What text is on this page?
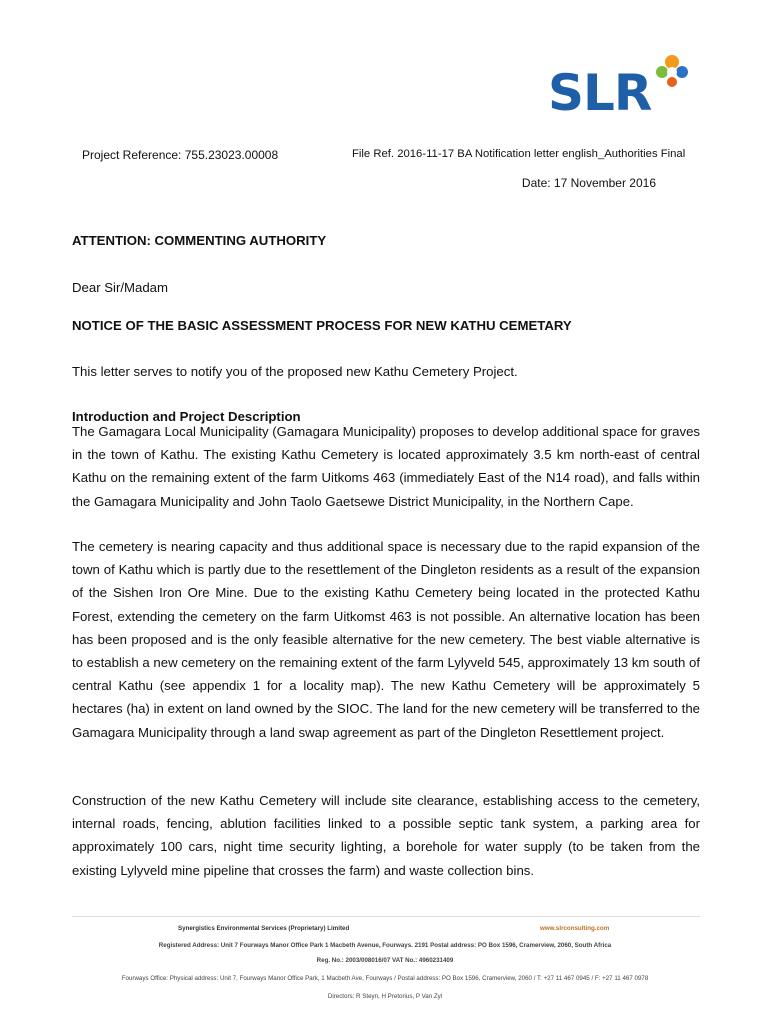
SLR
Project Reference: 755.23023.00008	File Ref. 2016-11-17 BA Notification letter english_Authorities Final
Date: 17 November 2016
ATTENTION: COMMENTING AUTHORITY
Dear Sir/Madam
NOTICE OF THE BASIC ASSESSMENT PROCESS FOR NEW KATHU CEMETARY
This letter serves to notify you of the proposed new Kathu Cemetery Project.
Introduction and Project Description
The Gamagara Local Municipality (Gamagara Municipality) proposes to develop additional space for graves in the town of Kathu. The existing Kathu Cemetery is located approximately 3.5 km north-east of central Kathu on the remaining extent of the farm Uitkoms 463 (immediately East of the N14 road), and falls within the Gamagara Municipality and John Taolo Gaetsewe District Municipality, in the Northern Cape.
The cemetery is nearing capacity and thus additional space is necessary due to the rapid expansion of the town of Kathu which is partly due to the resettlement of the Dingleton residents as a result of the expansion of the Sishen Iron Ore Mine. Due to the existing Kathu Cemetery being located in the protected Kathu Forest, extending the cemetery on the farm Uitkomst 463 is not possible. An alternative location has been has been proposed and is the only feasible alternative for the new cemetery. The best viable alternative is to establish a new cemetery on the remaining extent of the farm Lylyveld 545, approximately 13 km south of central Kathu (see appendix 1 for a locality map). The new Kathu Cemetery will be approximately 5 hectares (ha) in extent on land owned by the SIOC. The land for the new cemetery will be transferred to the Gamagara Municipality through a land swap agreement as part of the Dingleton Resettlement project.
Construction of the new Kathu Cemetery will include site clearance, establishing access to the cemetery, internal roads, fencing, ablution facilities linked to a possible septic tank system, a parking area for approximately 100 cars, night time security lighting, a borehole for water supply (to be taken from the existing Lylyveld mine pipeline that crosses the farm) and waste collection bins.
Synergistics Environmental Services (Proprietary) Limited	www.slrconsulting.com
Registered Address: Unit 7 Fourways Manor Office Park 1 Macbeth Avenue, Fourways. 2191 Postal address: PO Box 1596, Cramerview, 2060, South Africa
Reg. No.: 2003/008016/07 VAT No.: 4960231409
Fourways Office: Physical address: Unit 7, Fourways Manor Office Park, 1 Macbeth Ave, Fourways / Postal address: PO Box 1596, Cramerview, 2060 / T: +27 11 467 0945 / F: +27 11 467 0978
Directors: R Steyn, H Pretorius, P Van Zyl
